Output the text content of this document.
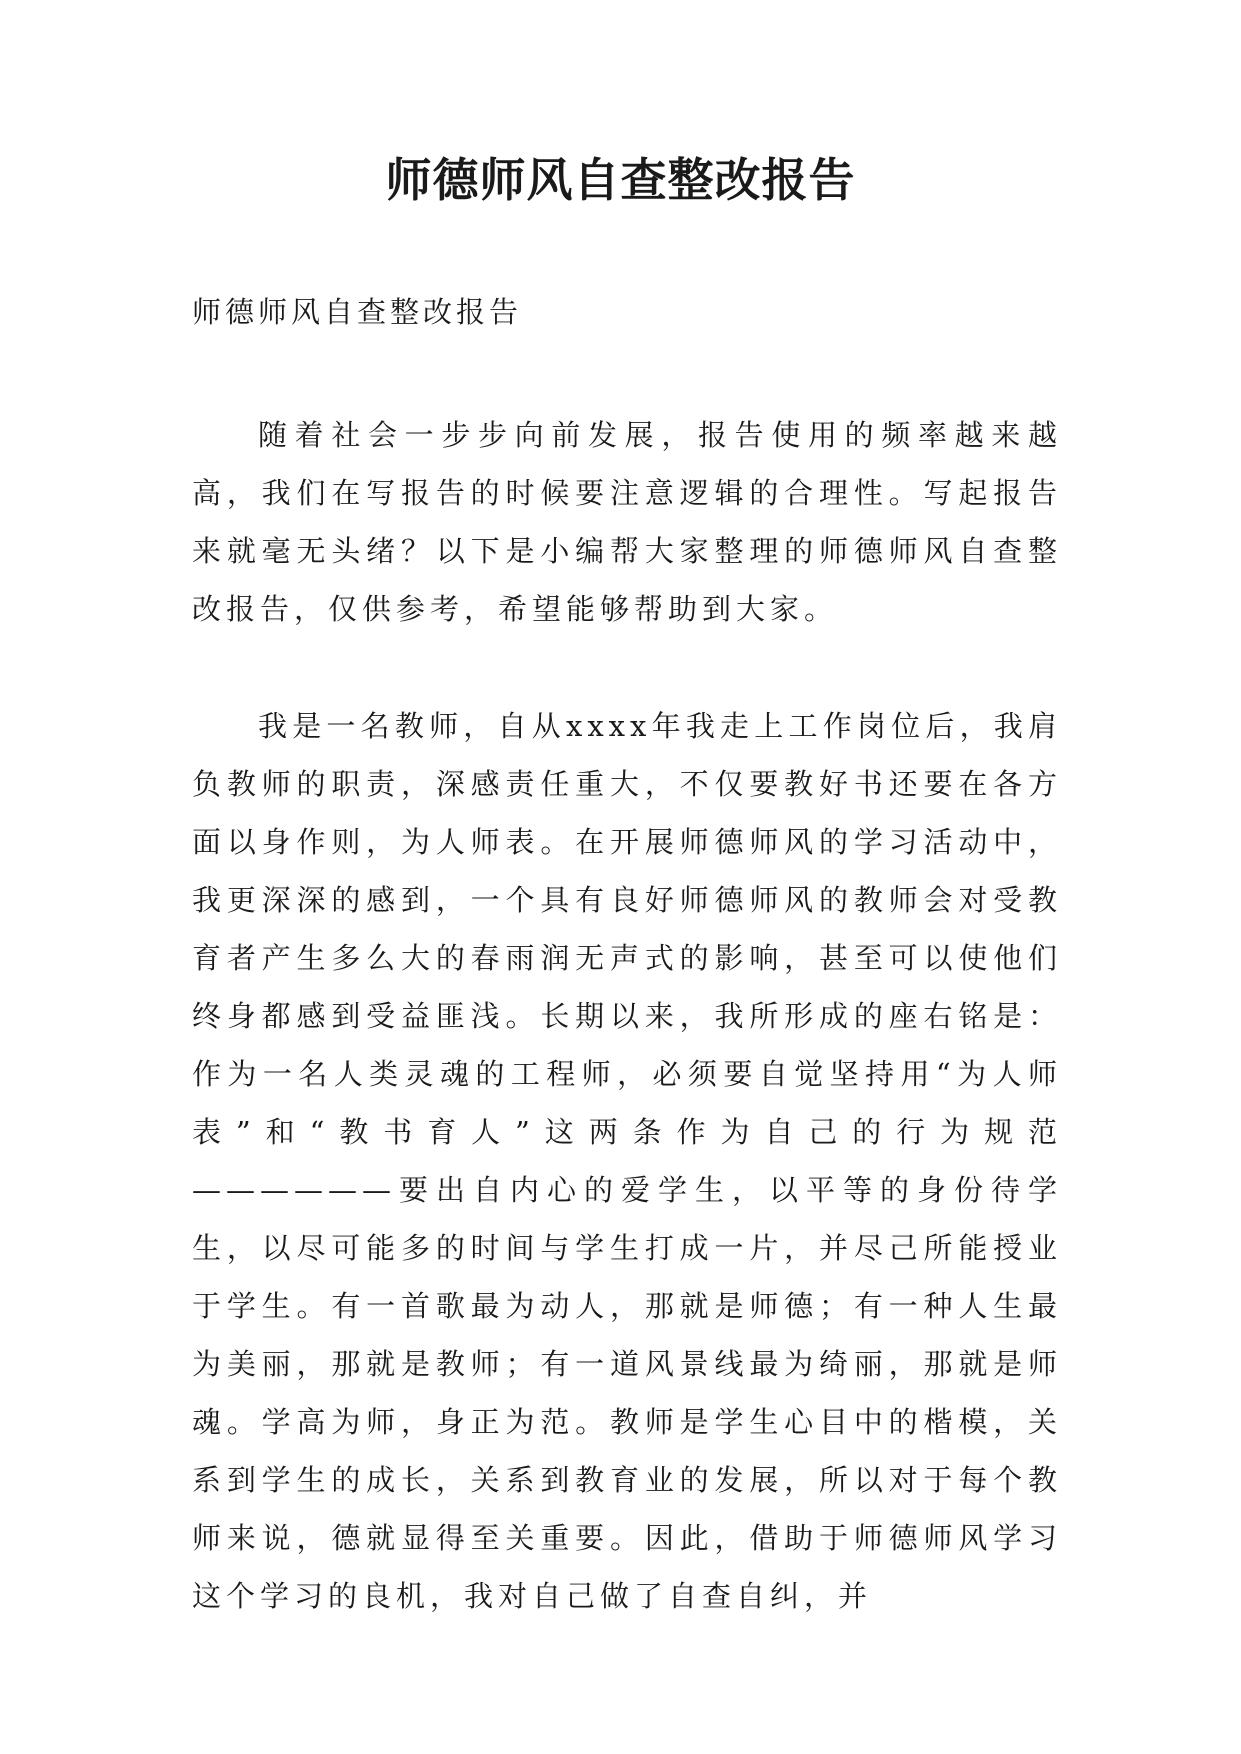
师德师风自查整改报告

师德师风自查整改报告

随着社会一步步向前发展，报告使用的频率越来越高，我们在写报告的时候要注意逻辑的合理性。写起报告来就毫无头绪？以下是小编帮大家整理的师德师风自查整改报告，仅供参考，希望能够帮助到大家。

我是一名教师，自从xxxx年我走上工作岗位后，我肩负教师的职责，深感责任重大，不仅要教好书还要在各方面以身作则，为人师表。在开展师德师风的学习活动中，我更深深的感到，一个具有良好师德师风的教师会对受教育者产生多么大的春雨润无声式的影响，甚至可以使他们终身都感到受益匪浅。长期以来，我所形成的座右铭是：作为一名人类灵魂的工程师，必须要自觉坚持用“为人师表”和“教书育人”这两条作为自己的行为规范——————要出自内心的爱学生，以平等的身份待学生，以尽可能多的时间与学生打成一片，并尽己所能授业于学生。有一首歌最为动人，那就是师德；有一种人生最为美丽，那就是教师；有一道风景线最为绮丽，那就是师魂。学高为师，身正为范。教师是学生心目中的楷模，关系到学生的成长，关系到教育业的发展，所以对于每个教师来说，德就显得至关重要。因此，借助于师德师风学习这个学习的良机，我对自己做了自查自纠，并
